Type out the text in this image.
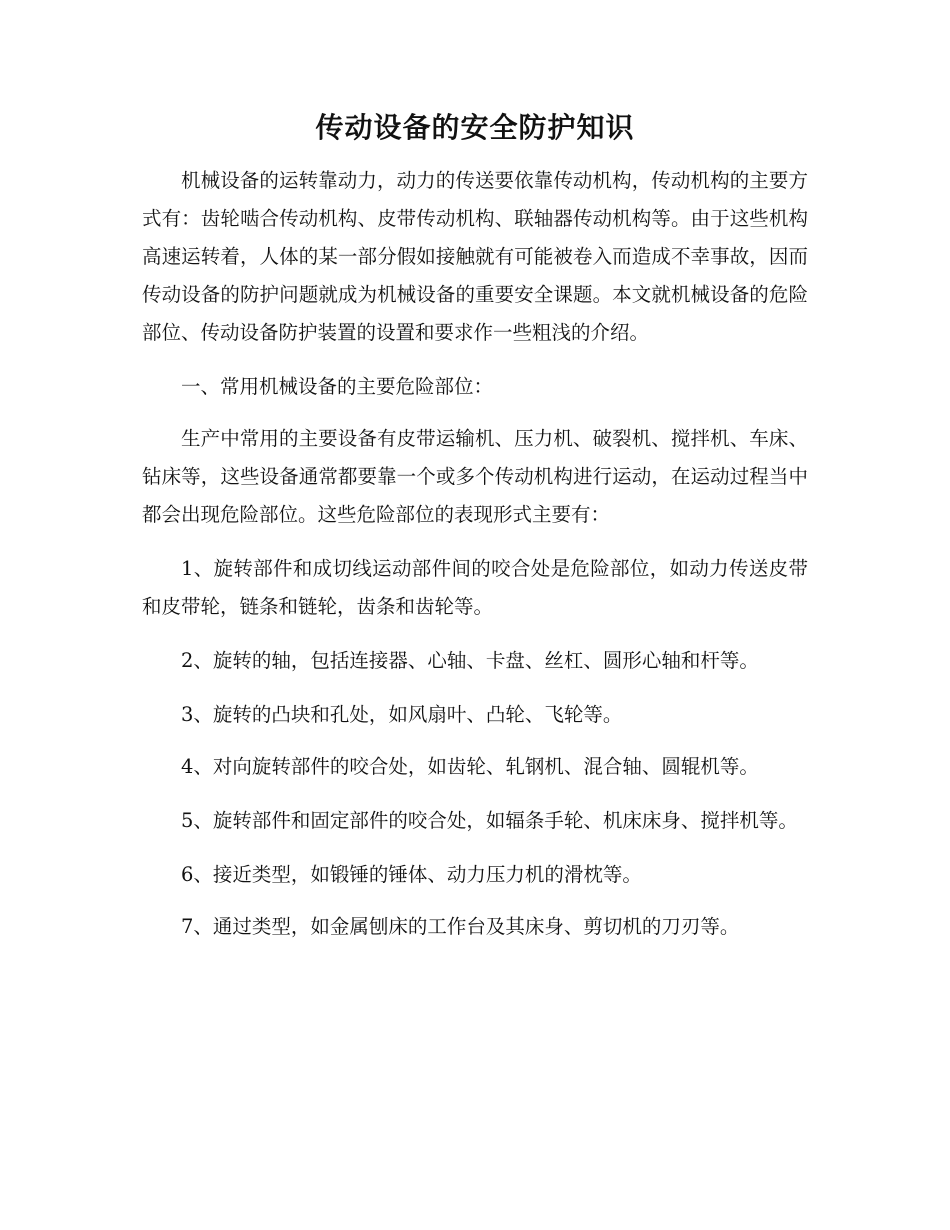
传动设备的安全防护知识

机械设备的运转靠动力，动力的传送要依靠传动机构，传动机构的主要方式有：齿轮啮合传动机构、皮带传动机构、联轴器传动机构等。由于这些机构高速运转着，人体的某一部分假如接触就有可能被卷入而造成不幸事故，因而传动设备的防护问题就成为机械设备的重要安全课题。本文就机械设备的危险部位、传动设备防护装置的设置和要求作一些粗浅的介绍。

一、常用机械设备的主要危险部位：

生产中常用的主要设备有皮带运输机、压力机、破裂机、搅拌机、车床、钻床等，这些设备通常都要靠一个或多个传动机构进行运动，在运动过程当中都会出现危险部位。这些危险部位的表现形式主要有：

1、旋转部件和成切线运动部件间的咬合处是危险部位，如动力传送皮带和皮带轮，链条和链轮，齿条和齿轮等。

2、旋转的轴，包括连接器、心轴、卡盘、丝杠、圆形心轴和杆等。

3、旋转的凸块和孔处，如风扇叶、凸轮、飞轮等。

4、对向旋转部件的咬合处，如齿轮、轧钢机、混合轴、圆辊机等。

5、旋转部件和固定部件的咬合处，如辐条手轮、机床床身、搅拌机等。

6、接近类型，如锻锤的锤体、动力压力机的滑枕等。

7、通过类型，如金属刨床的工作台及其床身、剪切机的刀刃等。
